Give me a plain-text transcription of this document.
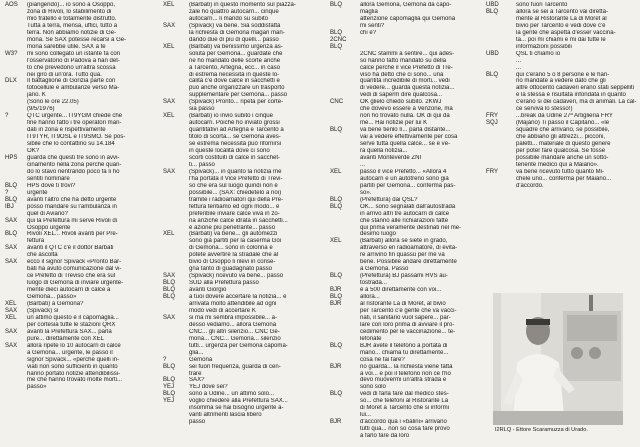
AOS	(piangendo)... io sono a Osoppo,
zona di Rivoli, lo stabilimento di
mio fratello è totalmente distrutto.
Tutta a terra, mensa, uffici, tutto a
terra. Non abbiamo notizie di Ge-
mona. Se SAX potesse recarsi a Ge-
mona sarebbe utile. SAX a te
W3?	mi sono collegato un istante fa con
l'osservatorio di Padova a han det-
to che prevedono un'altra scossa
nei giro di un'ora. Tutto qua.
DLX	Il battaglione di Gorizia parte con
totocellule e ambulanze verso Ma-
jano. K
(Sono le ore 22.05)
(9/5/1976)
?	QTC urgente... IT9YGM chiede che
fine hanno fatto i tre operatori man-
dati in zona e rispettivamente
IT9TYR, IT9OSL e IT9SMO. Se pos-
sibile che lo contattino su 14.184
OK?
HPS	guarda che questi tre sono in avvi-
cinamento nella zona perché quan-
do lo stavo rientrando poco fa li ho
sentiti nominare
BLQ	HPS dove ti trovi?
?	urgente
BLQ	avanti l'altro che ha detto urgente
IBJ	posso mandare su l'ambulanza in
quel di Aviano?
SAX	qui la Prefettura mi serve Rivoli di
Osoppo urgente
BLQ	Rivoli XEL... Rivoli avanti per Pre-
fettura
SAX	avanti il QTC c'è il dottor Barbati
che ascolta
SAX	ecco il signor Spivack «Pronto Bar-
bati ha avuto comunicazione dal vi-
ce Prefetto di Treviso che era sul
luogo di Gemona di inviare urgente-
mente dieci autocarri di calce a
Gemona... passo»
XEL	(Barbati) a Gemona?
SAX	(Spivack) sì
XEL	un attimo questo è il capomaglia...
per cortesia tutte le stazioni QRX
SAX	avanti la Prefettura SAX... parla
pure... direttamente con XEL
SAX	allora ripete lo 10 autocarri di calce
a Gemona... urgente, le passo il
signor Spivack... «perché quelli in-
viati non sono sufficienti in quanto
hanno portato notizie attendibilissi-
me che hanno trovato molte morti...
passo»
XEL	(Barbati) in questo momento sul piazza-
zale ho quattro autocarri... cinque
autocarri... li mando su subito
SAX	(Spivack) va bene. Sia soddisfatta
la richiesta di Gemona magari man-
dando due di più di quelli... passo
XEL	(Barbati) va benissimo urgenza as-
soluta per Gemona... guardate che
ne ho mandato delle scorte anche
a Tarcento, Artegna, ecc... in caso
di estrema necessità in queste lo-
calità c'è dove calce in sacchetti e
può anche organizzare un trasporto
supplementare per Gemona... passo
SAX	(Spivack) Pronto... ripeta per corte-
sia passo
XEL	(Barbati) io invio subito i cinque
autocarri. Poiché ho inviato grossi
quantitativi ad Artegna e Tarcento a
titolo di scorta... se Gemona aves-
se estrema necessità può rifornirsi
in queste località dove ci sono
scorti costituiti di calce in sacchet-
ti... passo
SAX	(Spivack)... in quanto la notizia me
l'ha portata il Vice Prefetto di Trevi-
so che era sul luogo quindi non è
possibile... (SAX: chiedetelo a noi)
tramite i radioamatori qui della Pre-
fettura tentiamo ed ogni modo... è
preferibile inviare calce viva in zo-
na anziché calce idrata in sacchetti...
è azione più penetrante... passo
XEL	(Barbati) va bene... gli automezzi
sono già partiti per la caserma Goi
di Gemona... sono in colonna e
potete avvertire la stradale che al
bivio di Osoppo li rilevi in conse-
gna tanto di guadagnato passo
SAX	(Spivack) ricevuto va bene... passo
BLQ	SUD alla Prefettura passo
BLQ	avanti Giorgio
BLQ	a tuoi dovere accertare la notizia... è
arrivata molto attendibile ad ogni
modo vedi di accertare K
SAX	si ma mi sembra impossibile... a-
desso vediamo... allora Gemona
CNC... gli altri silenzio... CNC Ge-
mona... CNC... Gemona... silenzio
tutti... urgenza per Gemona capoma-
glia...
?	Gemona
BLQ	sei fuori frequenza, guarda di cen-
trare
BLQ	SAX?
YEJ	YEJ dove sei?
BLQ	sono a Udine... un attimo solo...
YEJ	voglio chiedere alla Prefettura SAX...
insomma se hai bisogno urgente a-
vanti altrimenti lascia libero
passo
BLQ	allora Gemona, Gemona da capo-
maglia
attenzione capomaglia qui Gemona
mi senti?
BLQ	chi è?
2CNC
BLQ
2CNC stammi a sentire... qui ades-
so hanno fatto mandato su della
calce perché il vice Prefetto di Tre-
viso ha detto che ci sono... una
quantità incredibile di morti... vedi
di vedere... guarda questa notizia...
vedi di saperm dire qualcosa...
CNC	OK glielo chiedo subito. 2KWJ
che dovevo essere a Venzone, ma
non ho trovato nulla. OK di qui da
me... Hai notizie per lui K
BLQ	va bene tienlo lì... parla distante...
vai a vedere effettivamente per cosa
serve tutta quella calce... se è ve-
ra quella notizia...
avanti Monteverde ZNI
...
XEL	passo il vice Prefetto... «Allora 4
autocarri e un autotreno sono già
partiti per Gemona... conferma pas-
so».
BLQ	(Prefettura) dai QSL?
BLQ	OK... sono segnalati dall'autostrada
in arrivo altri tre autocarri di calce
che stanno alle richiarazioni fatte
qui prima veramente destinati nel me-
desimo luogo
XEL	(Barbati) allora se siete in grado,
attraverso en radioamatore, di evita-
re arrivino fin quassù per me va
bene. Possibile andare direttamente
a Gemona. Passo
BLQ	(Prefettura) BJ passami RVS au-
tostrada...
BJR	è a 500 direttamente con voi...
BLQ	allora...
BJR	al ristorante La di Moret, al bivio
per Tarcento c'è gente che va vacci-
nati, il sanitario vuol sapere... par-
lare con loro prima di avviare il pro-
cedimento per le vaccinazione... te-
lefonate
BLQ	BJR avete il telefono a portata di
mano... chiama tu direttamente...
cosa ne fai fare?
BJR	no guarda... la richiesta viene fatta
a voi... e poi il telefono non ce l'ho
devo muovermi un'altra strada e
sono solo
BLQ	vedi di farla fare dal medico stes-
so... che telefoni al Ristorante La
di Moret a Tarcento che si informi
lui...
BJR	d'accordo qua i «balini» arrivano
tutti qua... non so cosa fare provo
a farlo fare da loro
UBD	sono fuori Tarcento
BLQ	allora se sei a Tarcento vai diretta-
mente al Ristorante La di Moret al
bivio per Tarcento e vedi dove c'è
la gente che aspetta d'esser vaccina-
ta... poi mi chiami e mi dai tutte le
informazioni possibili
UBD	QSL ti chiamo io
...
...
BLQ	qui c'erano 5 o 8 persone e le han-
no mandate a vedere dato che gli
altre ottocento cadaveri erano stati seppelliti
e la stessa è risultata infondata in quanto
c'erano si dei cadaveri, ma di animali. La cal-
ce serviva lo stesso!)
FRY	...break da Udine 27ª Artiglieria FRY
SQJ	(Majano) Ti passo il Capitano... «le
squadre che arrivano, se possibile,
che abbiano gli attrezzi... picconi,
paletti... materiale di questo genere
per poter fare qualcosa. Se fosse
possibile mandare anche un sotto-
tenente medico qui a Maiano».
FRY	va bene ricevuto tutto quanto Mi-
chele uno... conferma per Maiano...
d'accordo.
I2RLQ - Ettore Scaramuzza di Urado.
